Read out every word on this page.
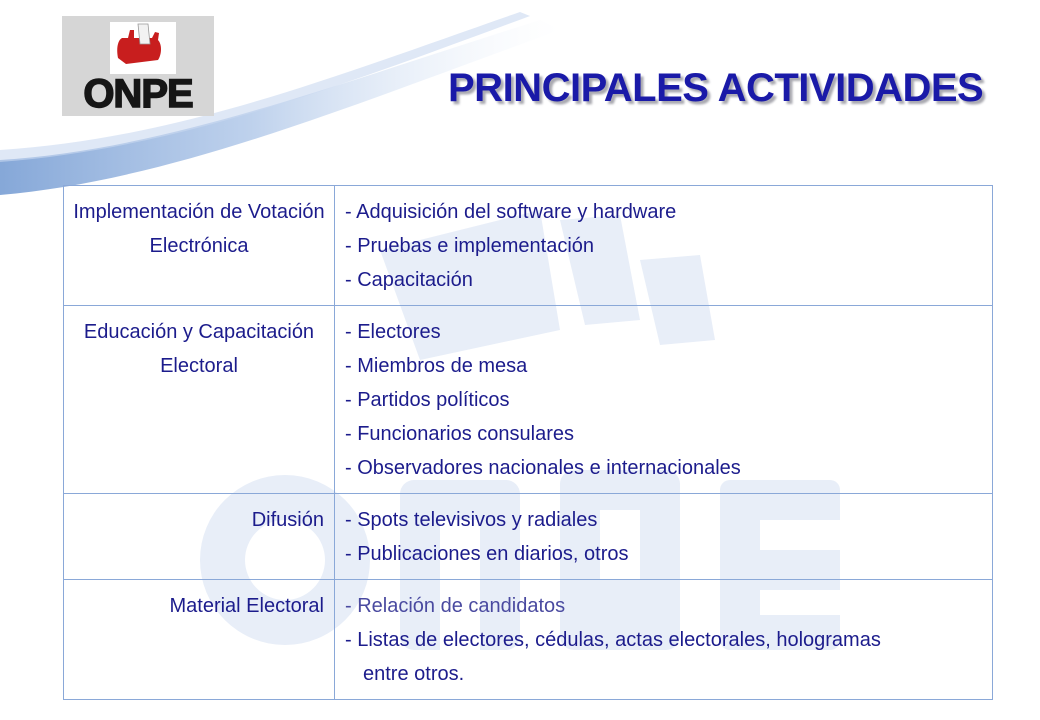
ONPE	PRINCIPALES ACTIVIDADES
Implementación de Votación Electrónica	- Adquisición del software y hardware
- Pruebas e implementación
- Capacitación

Educación y Capacitación Electoral	- Electores
- Miembros de mesa
- Partidos políticos
- Funcionarios consulares
- Observadores nacionales e internacionales

Difusión	- Spots televisivos y radiales
- Publicaciones en diarios, otros

Material Electoral	- Relación de candidatos
- Listas de electores, cédulas, actas electorales, hologramas
entre otros.
